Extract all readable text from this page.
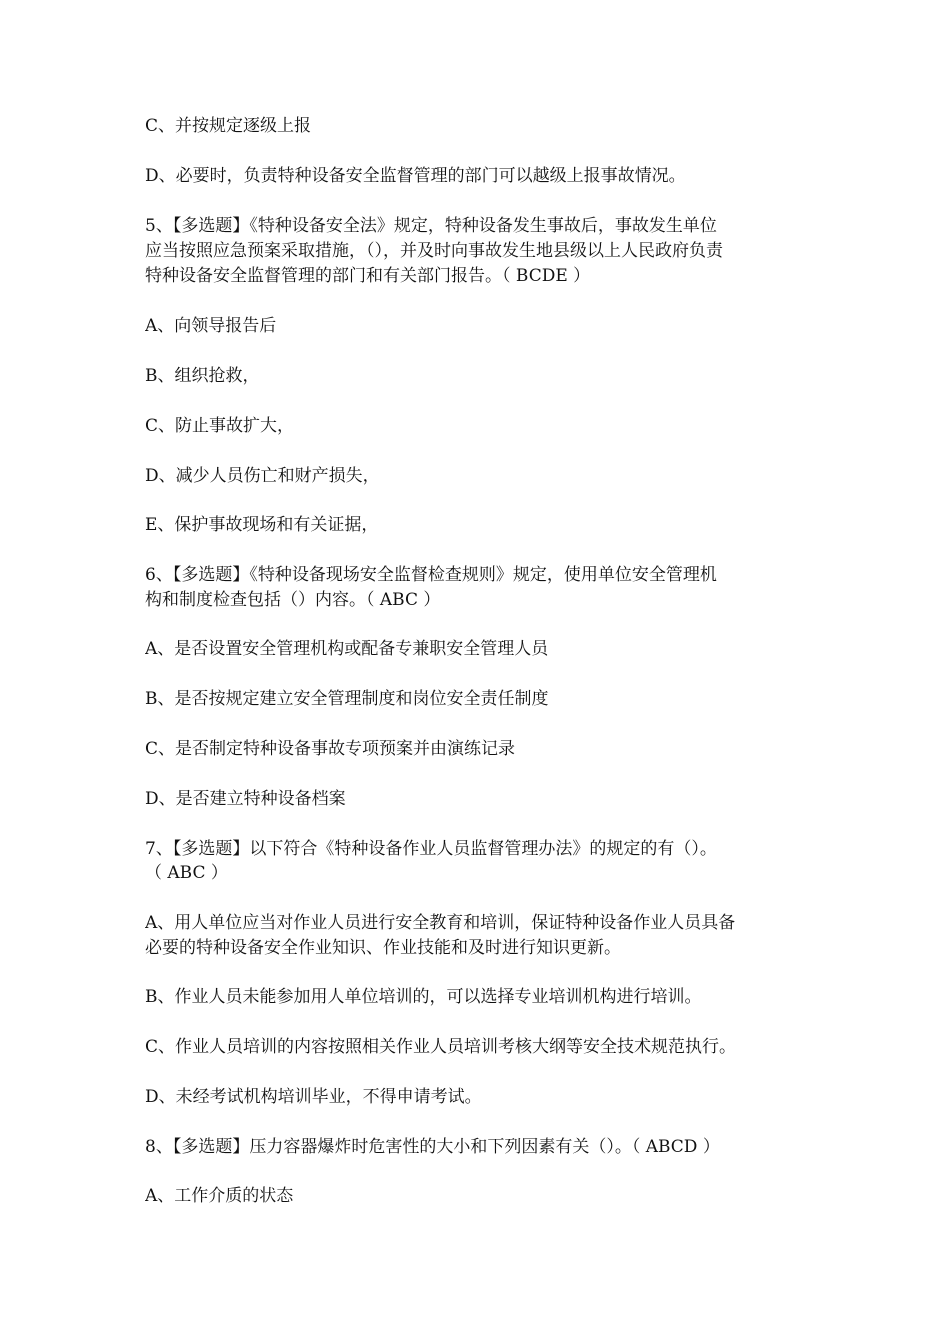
C、并按规定逐级上报
D、必要时，负责特种设备安全监督管理的部门可以越级上报事故情况。
5、【多选题】《特种设备安全法》规定，特种设备发生事故后，事故发生单位
应当按照应急预案采取措施，（），并及时向事故发生地县级以上人民政府负责
特种设备安全监督管理的部门和有关部门报告。（ BCDE ）
A、向领导报告后
B、组织抢救，
C、防止事故扩大，
D、减少人员伤亡和财产损失，
E、保护事故现场和有关证据，
6、【多选题】《特种设备现场安全监督检查规则》规定，使用单位安全管理机
构和制度检查包括（）内容。（ ABC ）
A、是否设置安全管理机构或配备专兼职安全管理人员
B、是否按规定建立安全管理制度和岗位安全责任制度
C、是否制定特种设备事故专项预案并由演练记录
D、是否建立特种设备档案
7、【多选题】以下符合《特种设备作业人员监督管理办法》的规定的有（）。
（ ABC ）
A、用人单位应当对作业人员进行安全教育和培训，保证特种设备作业人员具备
必要的特种设备安全作业知识、作业技能和及时进行知识更新。
B、作业人员未能参加用人单位培训的，可以选择专业培训机构进行培训。
C、作业人员培训的内容按照相关作业人员培训考核大纲等安全技术规范执行。
D、未经考试机构培训毕业，不得申请考试。
8、【多选题】压力容器爆炸时危害性的大小和下列因素有关（）。（ ABCD ）
A、工作介质的状态
